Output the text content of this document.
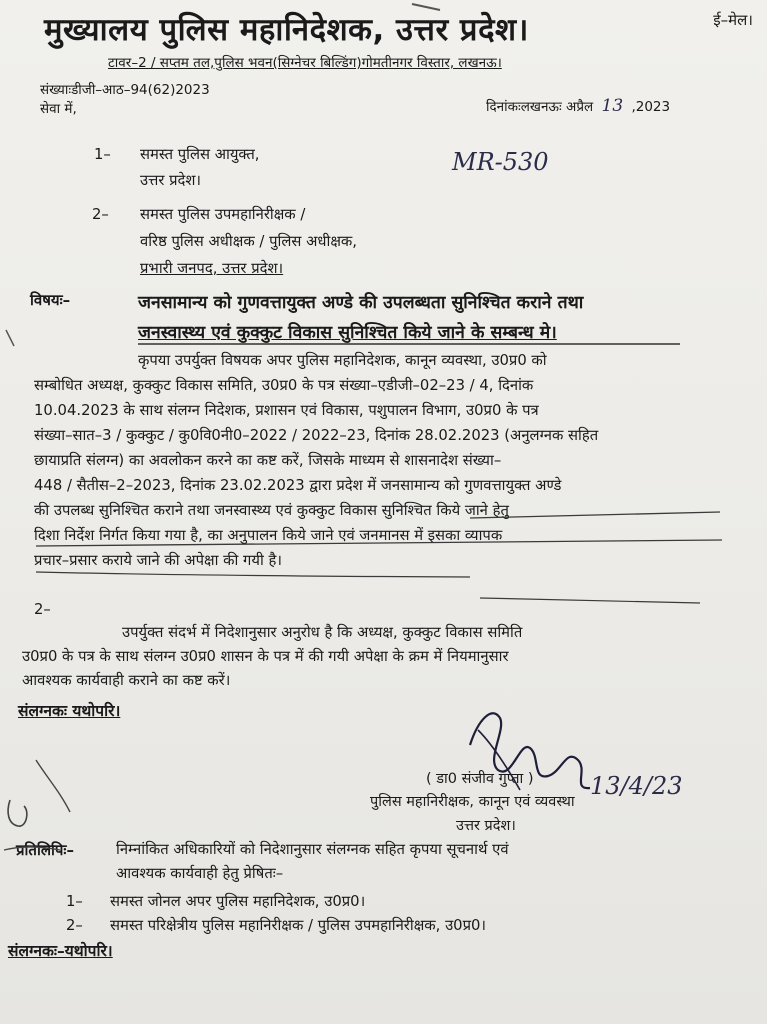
मुख्यालय पुलिस महानिदेशक, उत्तर प्रदेश।	ई–मेल।
टावर–2 / सप्तम तल,पुलिस भवन(सिग्नेचर बिल्डिंग)गोमतीनगर विस्तार, लखनऊ।
संख्याःडीजी–आठ–94(62)2023
दिनांकःलखनऊः अप्रैल 13 ,2023
सेवा में,
1– समस्त पुलिस आयुक्त,
उत्तर प्रदेश।
MR-530
2– समस्त पुलिस उपमहानिरीक्षक /
वरिष्ठ पुलिस अधीक्षक / पुलिस अधीक्षक,
प्रभारी जनपद, उत्तर प्रदेश।
विषयः–	जनसामान्य को गुणवत्तायुक्त अण्डे की उपलब्धता सुनिश्चित कराने तथा
जनस्वास्थ्य एवं कुक्कुट विकास सुनिश्चित किये जाने के सम्बन्ध मे।
कृपया उपर्युक्त विषयक अपर पुलिस महानिदेशक, कानून व्यवस्था, उ0प्र0 को
सम्बोधित अध्यक्ष, कुक्कुट विकास समिति, उ0प्र0 के पत्र संख्या–एडीजी–02–23 / 4, दिनांक
10.04.2023 के साथ संलग्न निदेशक, प्रशासन एवं विकास, पशुपालन विभाग, उ0प्र0 के पत्र
संख्या–सात–3 / कुक्कुट / कु0वि0नी0–2022 / 2022–23, दिनांक 28.02.2023 (अनुलग्नक सहित
छायाप्रति संलग्न) का अवलोकन करने का कष्ट करें, जिसके माध्यम से शासनादेश संख्या–
448 / सैतीस–2–2023, दिनांक 23.02.2023 द्वारा प्रदेश में जनसामान्य को गुणवत्तायुक्त अण्डे
की उपलब्ध सुनिश्चित कराने तथा जनस्वास्थ्य एवं कुक्कुट विकास सुनिश्चित किये जाने हेतु
दिशा निर्देश निर्गत किया गया है, का अनुपालन किये जाने एवं जनमानस में इसका व्यापक
प्रचार–प्रसार कराये जाने की अपेक्षा की गयी है।
2–
उपर्युक्त संदर्भ में निदेशानुसार अनुरोध है कि अध्यक्ष, कुक्कुट विकास समिति
उ0प्र0 के पत्र के साथ संलग्न उ0प्र0 शासन के पत्र में की गयी अपेक्षा के क्रम में नियमानुसार
आवश्यक कार्यवाही कराने का कष्ट करें।
संलग्नकः यथोपरि।
( डा0 संजीव गुप्ता ) 13/4/23
पुलिस महानिरीक्षक, कानून एवं व्यवस्था
उत्तर प्रदेश।
प्रतिलिपिः–	निम्नांकित अधिकारियों को निदेशानुसार संलग्नक सहित कृपया सूचनार्थ एवं
आवश्यक कार्यवाही हेतु प्रेषितः–
1– समस्त जोनल अपर पुलिस महानिदेशक, उ0प्र0।
2– समस्त परिक्षेत्रीय पुलिस महानिरीक्षक / पुलिस उपमहानिरीक्षक, उ0प्र0।
संलग्नकः–यथोपरि।
